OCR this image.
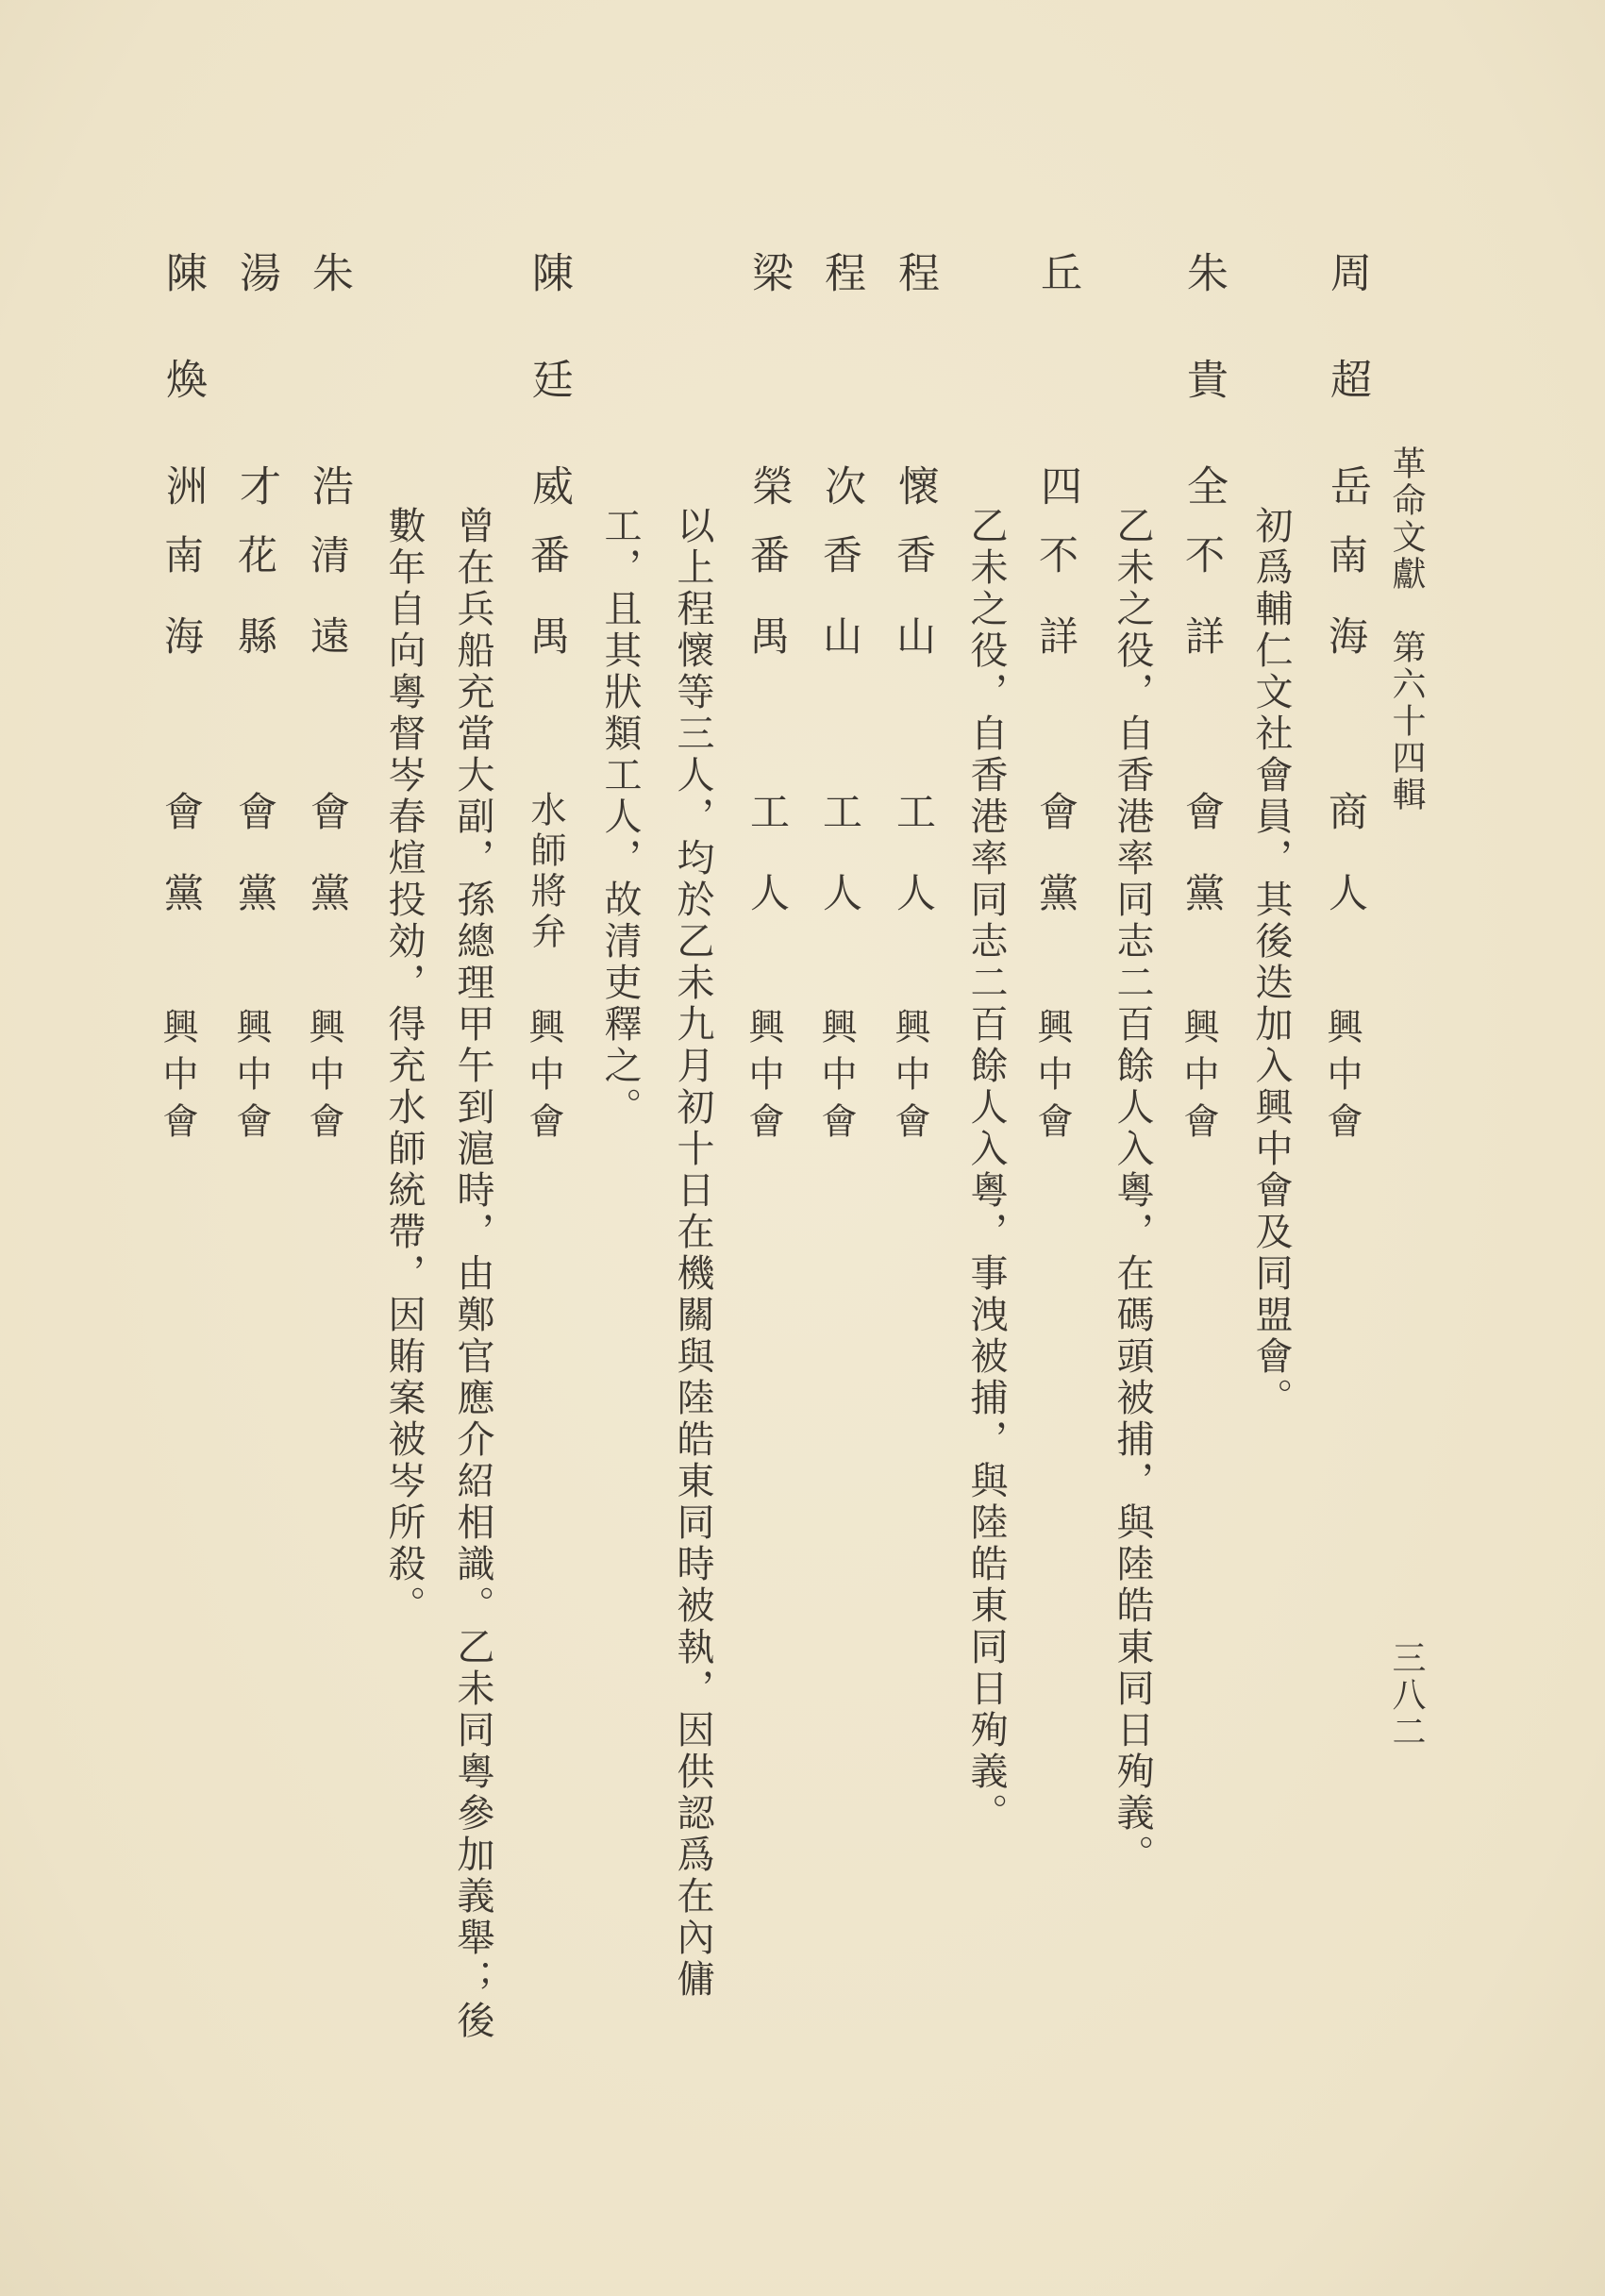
革命文獻　第六十四輯
三八二
周超岳
南海
商人
興中會
初爲輔仁文社會員，其後迭加入興中會及同盟會。
朱貴全
不詳
會黨
興中會
乙未之役，自香港率同志二百餘人入粵，在碼頭被捕，與陸皓東同日殉義。
丘四
不詳
會黨
興中會
乙未之役，自香港率同志二百餘人入粵，事洩被捕，與陸皓東同日殉義。
程懷
香山
工人
興中會
程次
香山
工人
興中會
梁榮
番禺
工人
興中會
以上程懷等三人，均於乙未九月初十日在機關與陸皓東同時被執，因供認爲在內傭
工，且其狀類工人，故清吏釋之。
陳廷威
番禺
水師將弁
興中會
曾在兵船充當大副，孫總理甲午到滬時，由鄭官應介紹相識。乙未同粵參加義舉；後
數年自向粵督岑春煊投効，得充水師統帶，因賄案被岑所殺。
朱浩
清遠
會黨
興中會
湯才
花縣
會黨
興中會
陳煥洲
南海
會黨
興中會
